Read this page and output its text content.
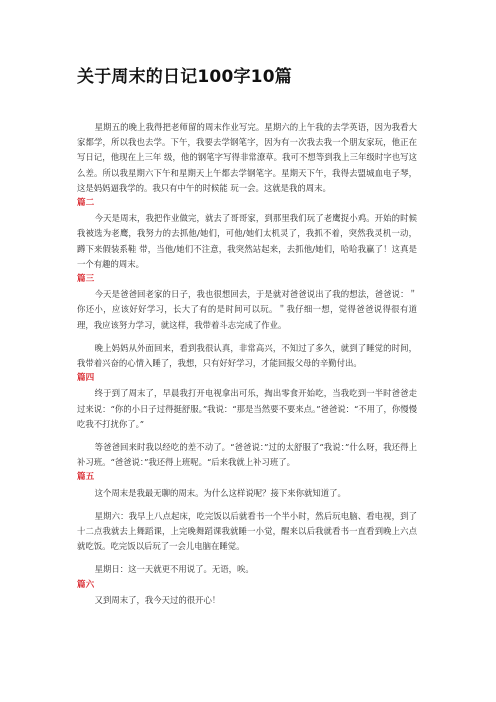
关于周末的日记100字10篇

星期五的晚上我得把老师留的周末作业写完。星期六的上午我的去学英语，因为我看大家都学，所以我也去学。下午，我要去学钢笔字，因为有一次我去我一个朋友家玩，他正在写日记，他现在上三年 级，他的钢笔字写得非常潦草。我可不想等到我上三年级时字也写这么差。所以我星期六下午和星期天上午都去学钢笔字。星期天下午，我得去盟城血电子琴，这是妈妈逼我学的。我只有中午的时候能 玩一会。这就是我的周末。

篇二

今天是周末，我把作业做完，就去了哥哥家，到那里我们玩了老鹰捉小鸡。开始的时候我被选为老鹰，我努力的去抓他/她们，可他/她们太机灵了，我抓不着，突然我灵机一动，蹲下来假装系鞋 带，当他/她们不注意，我突然站起来，去抓他/她们，哈哈我赢了！这真是一个有趣的周末。

篇三

今天是爸爸回老家的日子，我也很想回去，于是就对爸爸说出了我的想法，爸爸说：＂你还小，应该好好学习，长大了有的是时间可以玩。＂我仔细一想，觉得爸爸说得很有道理，我应该努力学习，就这样，我带着斗志完成了作业。

晚上妈妈从外面回来，看到我很认真，非常高兴，不知过了多久，就到了睡觉的时间，我带着兴奋的心情入睡了，我想，只有好好学习，才能回报父母的辛勤付出。

篇四

终于到了周末了，早晨我打开电视拿出可乐，掏出零食开始吃，当我吃到一半时爸爸走过来说：“你的小日子过得挺舒服。”我说：“那是当然要不要来点。”爸爸说：“不用了，你慢慢吃我不打扰你了。”

等爸爸回来时我以经吃的差不动了。“爸爸说：”过的太舒服了“我说：”什么呀，我还得上补习班。“爸爸说：”我还得上班呢。“后来我就上补习班了。

篇五

这个周末是我最无聊的周末。为什么这样说呢？接下来你就知道了。

星期六：我早上八点起床，吃完饭以后就看书一个半小时，然后玩电脑、看电视，到了十二点我就去上舞蹈课，上完晚舞蹈课我就睡一小觉，醒来以后我就看书一直看到晚上六点就吃饭。吃完饭以后玩了一会儿电脑在睡觉。

星期日：这一天就更不用说了。无语，唉。

篇六

又到周末了，我今天过的很开心！
